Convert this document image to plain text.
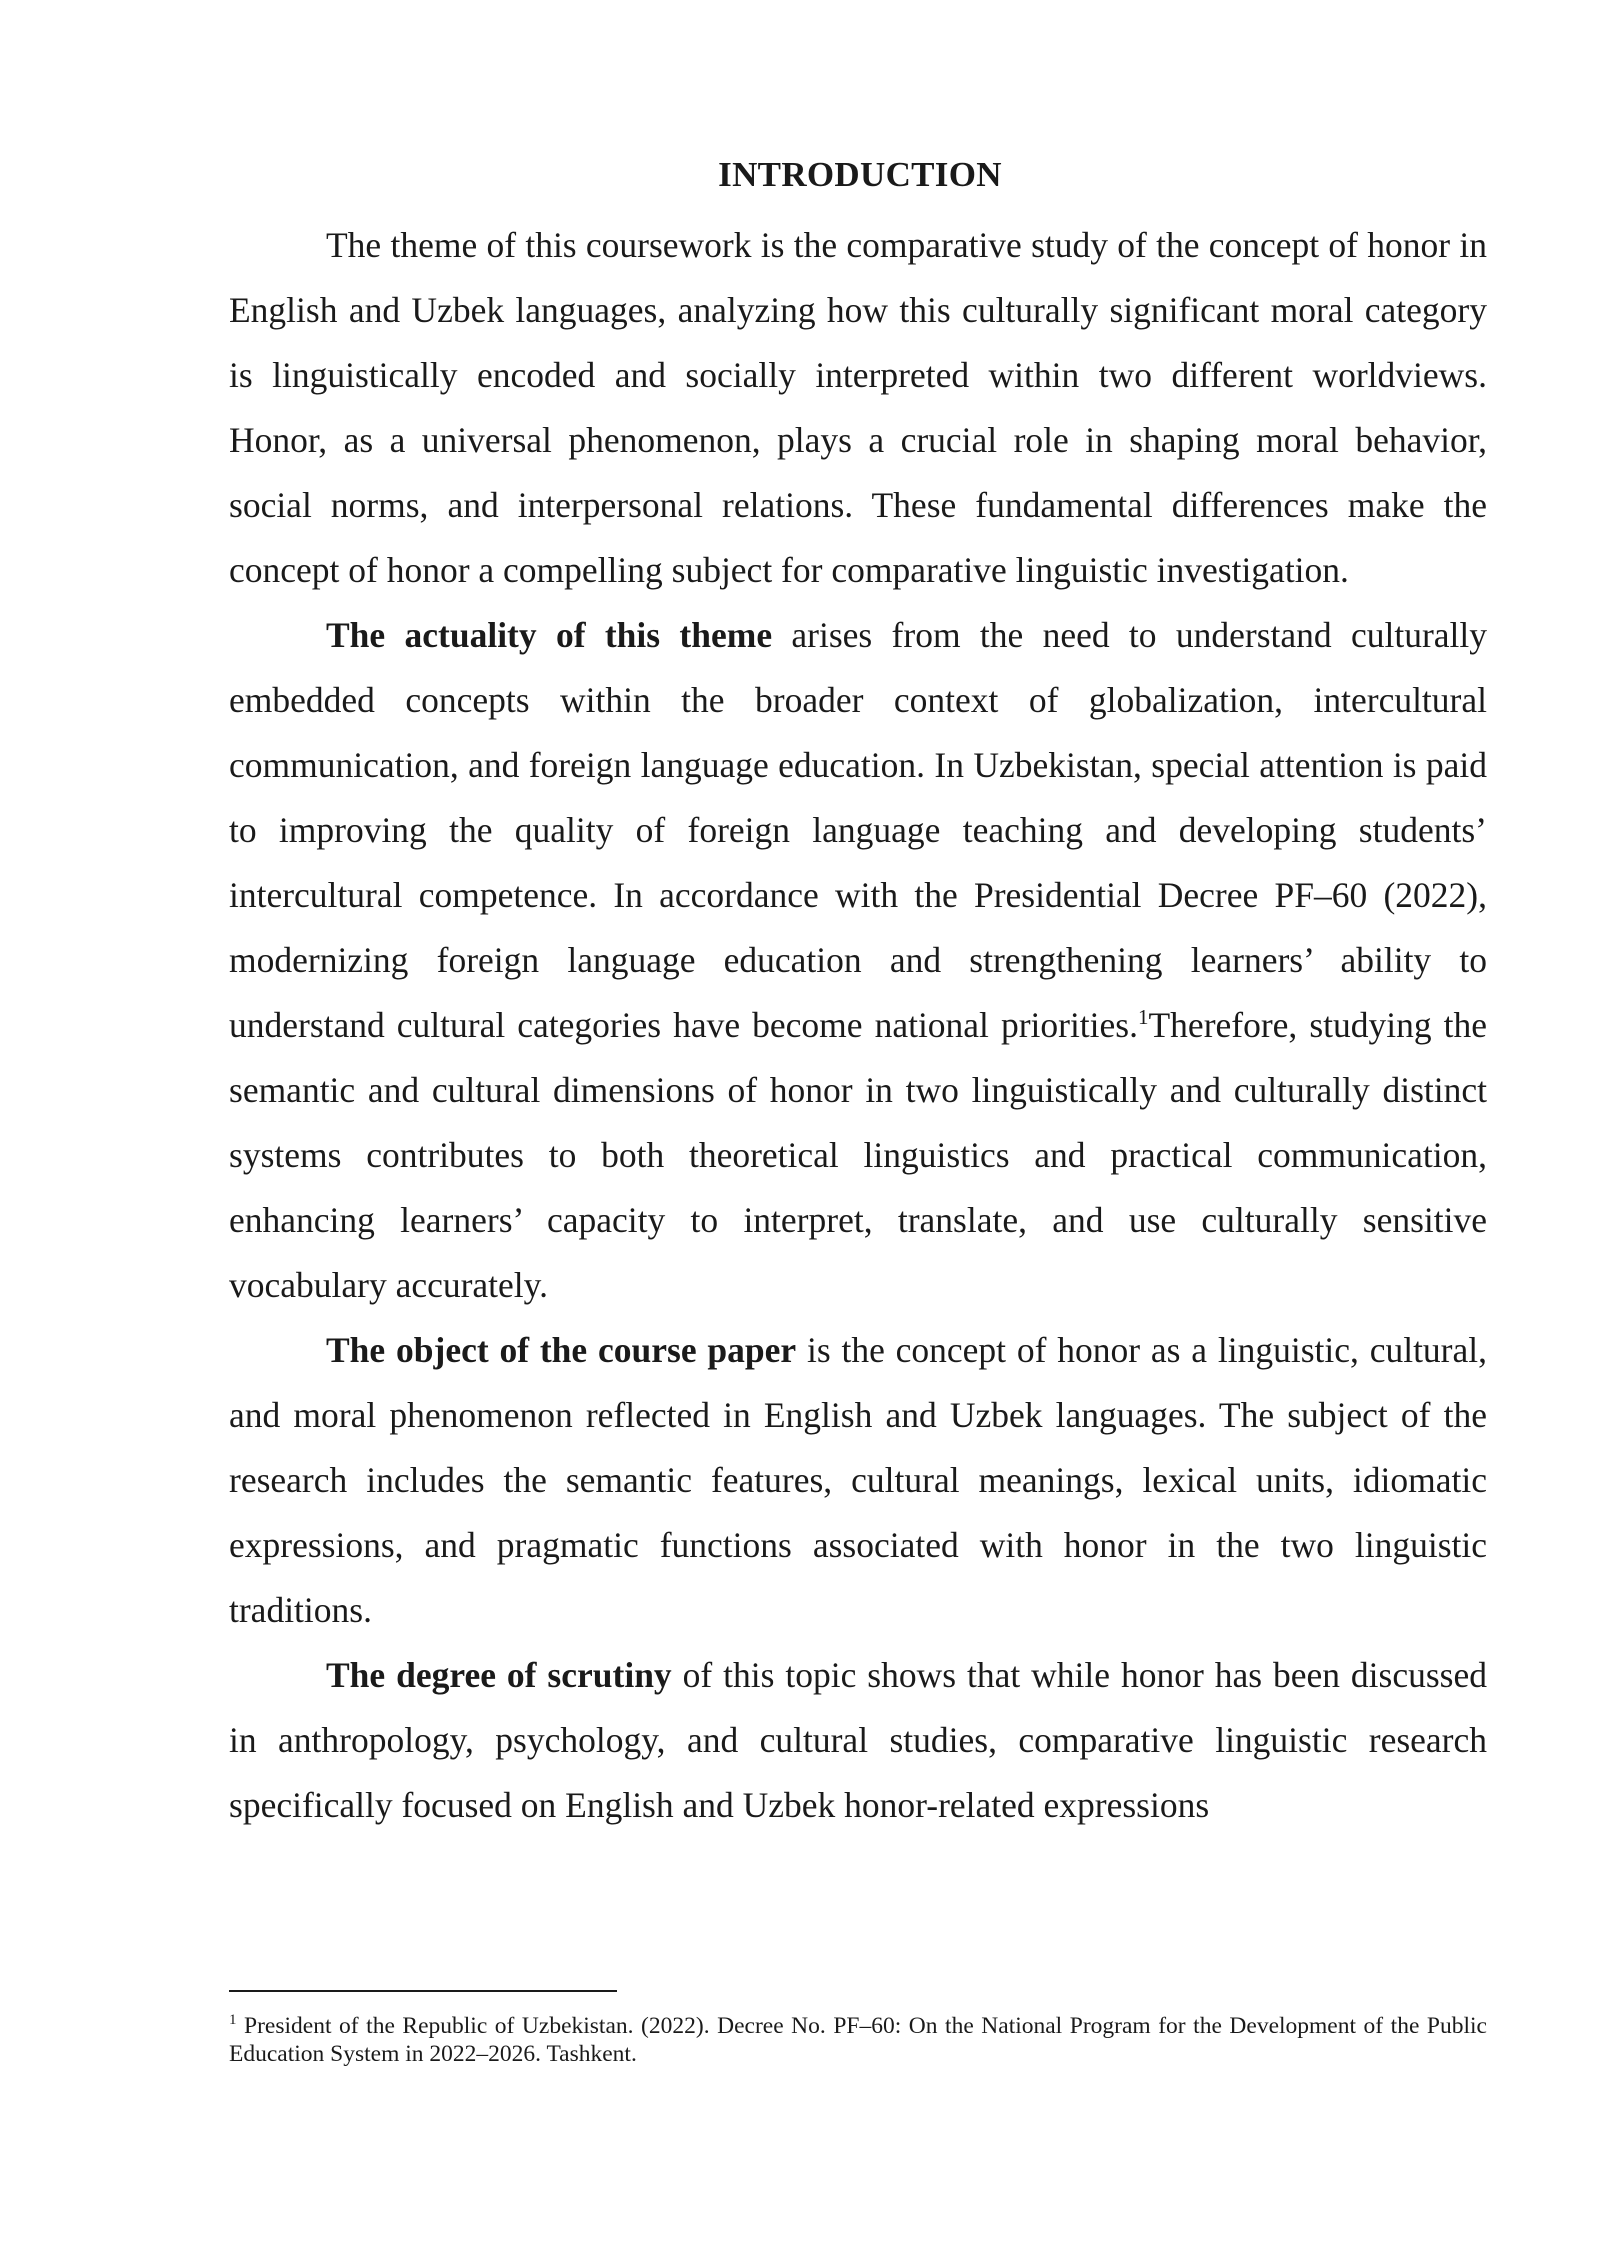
INTRODUCTION

The theme of this coursework is the comparative study of the concept of honor in English and Uzbek languages, analyzing how this culturally significant moral category is linguistically encoded and socially interpreted within two different worldviews. Honor, as a universal phenomenon, plays a crucial role in shaping moral behavior, social norms, and interpersonal relations. These fundamental differences make the concept of honor a compelling subject for comparative linguistic investigation.

The actuality of this theme arises from the need to understand culturally embedded concepts within the broader context of globalization, intercultural communication, and foreign language education. In Uzbekistan, special attention is paid to improving the quality of foreign language teaching and developing students’ intercultural competence. In accordance with the Presidential Decree PF–60 (2022), modernizing foreign language education and strengthening learners’ ability to understand cultural categories have become national priorities.$^1$Therefore, studying the semantic and cultural dimensions of honor in two linguistically and culturally distinct systems contributes to both theoretical linguistics and practical communication, enhancing learners’ capacity to interpret, translate, and use culturally sensitive vocabulary accurately.

The object of the course paper is the concept of honor as a linguistic, cultural, and moral phenomenon reflected in English and Uzbek languages. The subject of the research includes the semantic features, cultural meanings, lexical units, idiomatic expressions, and pragmatic functions associated with honor in the two linguistic traditions.

The degree of scrutiny of this topic shows that while honor has been discussed in anthropology, psychology, and cultural studies, comparative linguistic research specifically focused on English and Uzbek honor-related expressions

$^1$ President of the Republic of Uzbekistan. (2022). Decree No. PF–60: On the National Program for the Development of the Public Education System in 2022–2026. Tashkent.
